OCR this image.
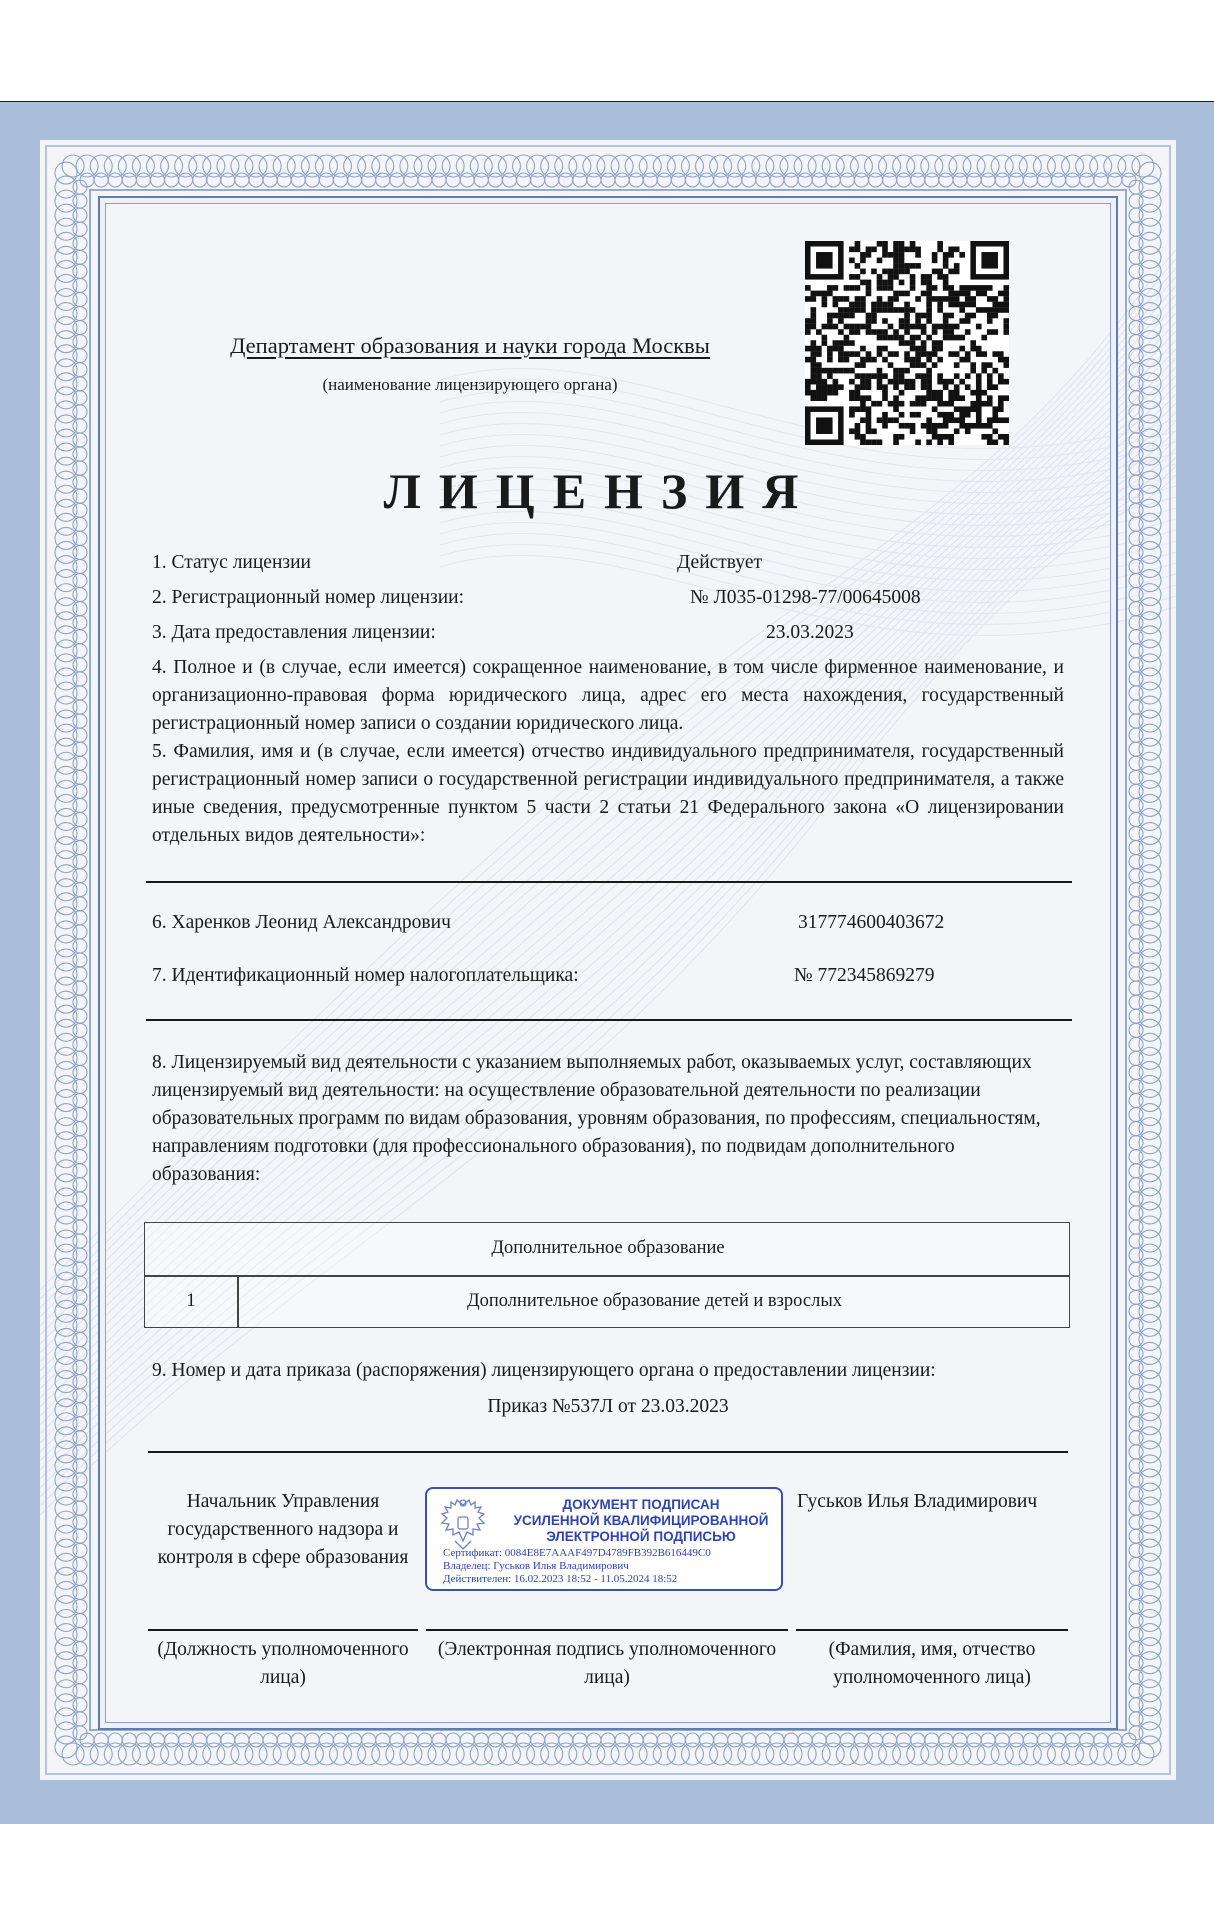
Департамент образования и науки города Москвы
(наименование лицензирующего органа)
ЛИЦЕНЗИЯ
1. Статус лицензии	Действует
2. Регистрационный номер лицензии:	№ Л035-01298-77/00645008
3. Дата предоставления лицензии:	23.03.2023
4. Полное и (в случае, если имеется) сокращенное наименование, в том числе фирменное наименование, и организационно-правовая форма юридического лица, адрес его места нахождения, государственный регистрационный номер записи о создании юридического лица.
5. Фамилия, имя и (в случае, если имеется) отчество индивидуального предпринимателя, государственный регистрационный номер записи о государственной регистрации индивидуального предпринимателя, а также иные сведения, предусмотренные пунктом 5 части 2 статьи 21 Федерального закона «О лицензировании отдельных видов деятельности»:
6. Харенков Леонид Александрович	317774600403672
7. Идентификационный номер налогоплательщика:	№ 772345869279
8. Лицензируемый вид деятельности с указанием выполняемых работ, оказываемых услуг, составляющих лицензируемый вид деятельности: на осуществление образовательной деятельности по реализации образовательных программ по видам образования, уровням образования, по профессиям, специальностям, направлениям подготовки (для профессионального образования), по подвидам дополнительного образования:
Дополнительное образование
1	Дополнительное образование детей и взрослых
9. Номер и дата приказа (распоряжения) лицензирующего органа о предоставлении лицензии:
Приказ №537Л от 23.03.2023
Начальник Управления государственного надзора и контроля в сфере образования
ДОКУМЕНТ ПОДПИСАН
УСИЛЕННОЙ КВАЛИФИЦИРОВАННОЙ
ЭЛЕКТРОННОЙ ПОДПИСЬЮ
Сертификат: 0084E8E7AAAF497D4789FB392B616449C0
Владелец: Гуськов Илья Владимирович
Действителен: 16.02.2023 18:52 - 11.05.2024 18:52
Гуськов Илья Владимирович
(Должность уполномоченного лица)
(Электронная подпись уполномоченного лица)
(Фамилия, имя, отчество уполномоченного лица)
